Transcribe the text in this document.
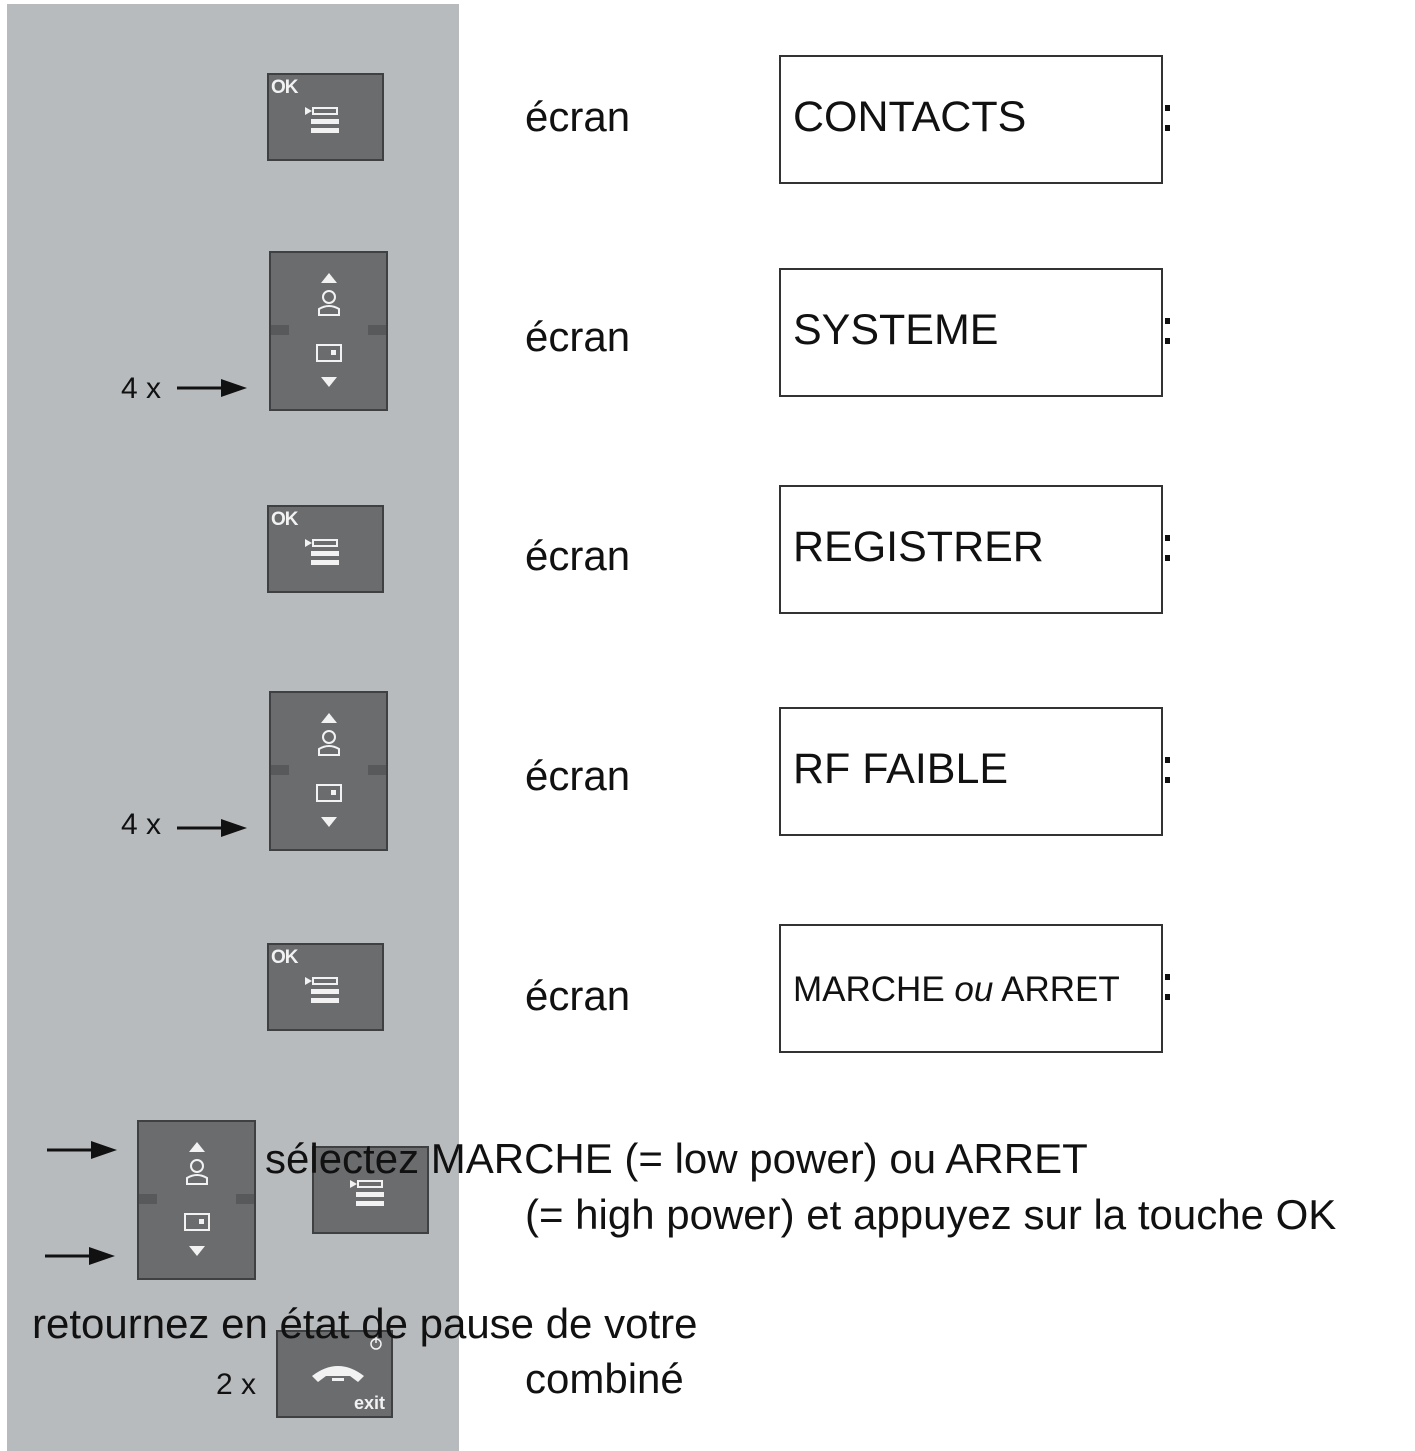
OK
écran	CONTACTS
4 x
écran	SYSTEME
OK
écran	REGISTRER
4 x
écran	RF FAIBLE
OK
écran	MARCHE ou ARRET
sélectez MARCHE (= low power) ou ARRET
(= high power) et appuyez sur la touche OK
2 x
exit
retournez en état de pause de votre
combiné
